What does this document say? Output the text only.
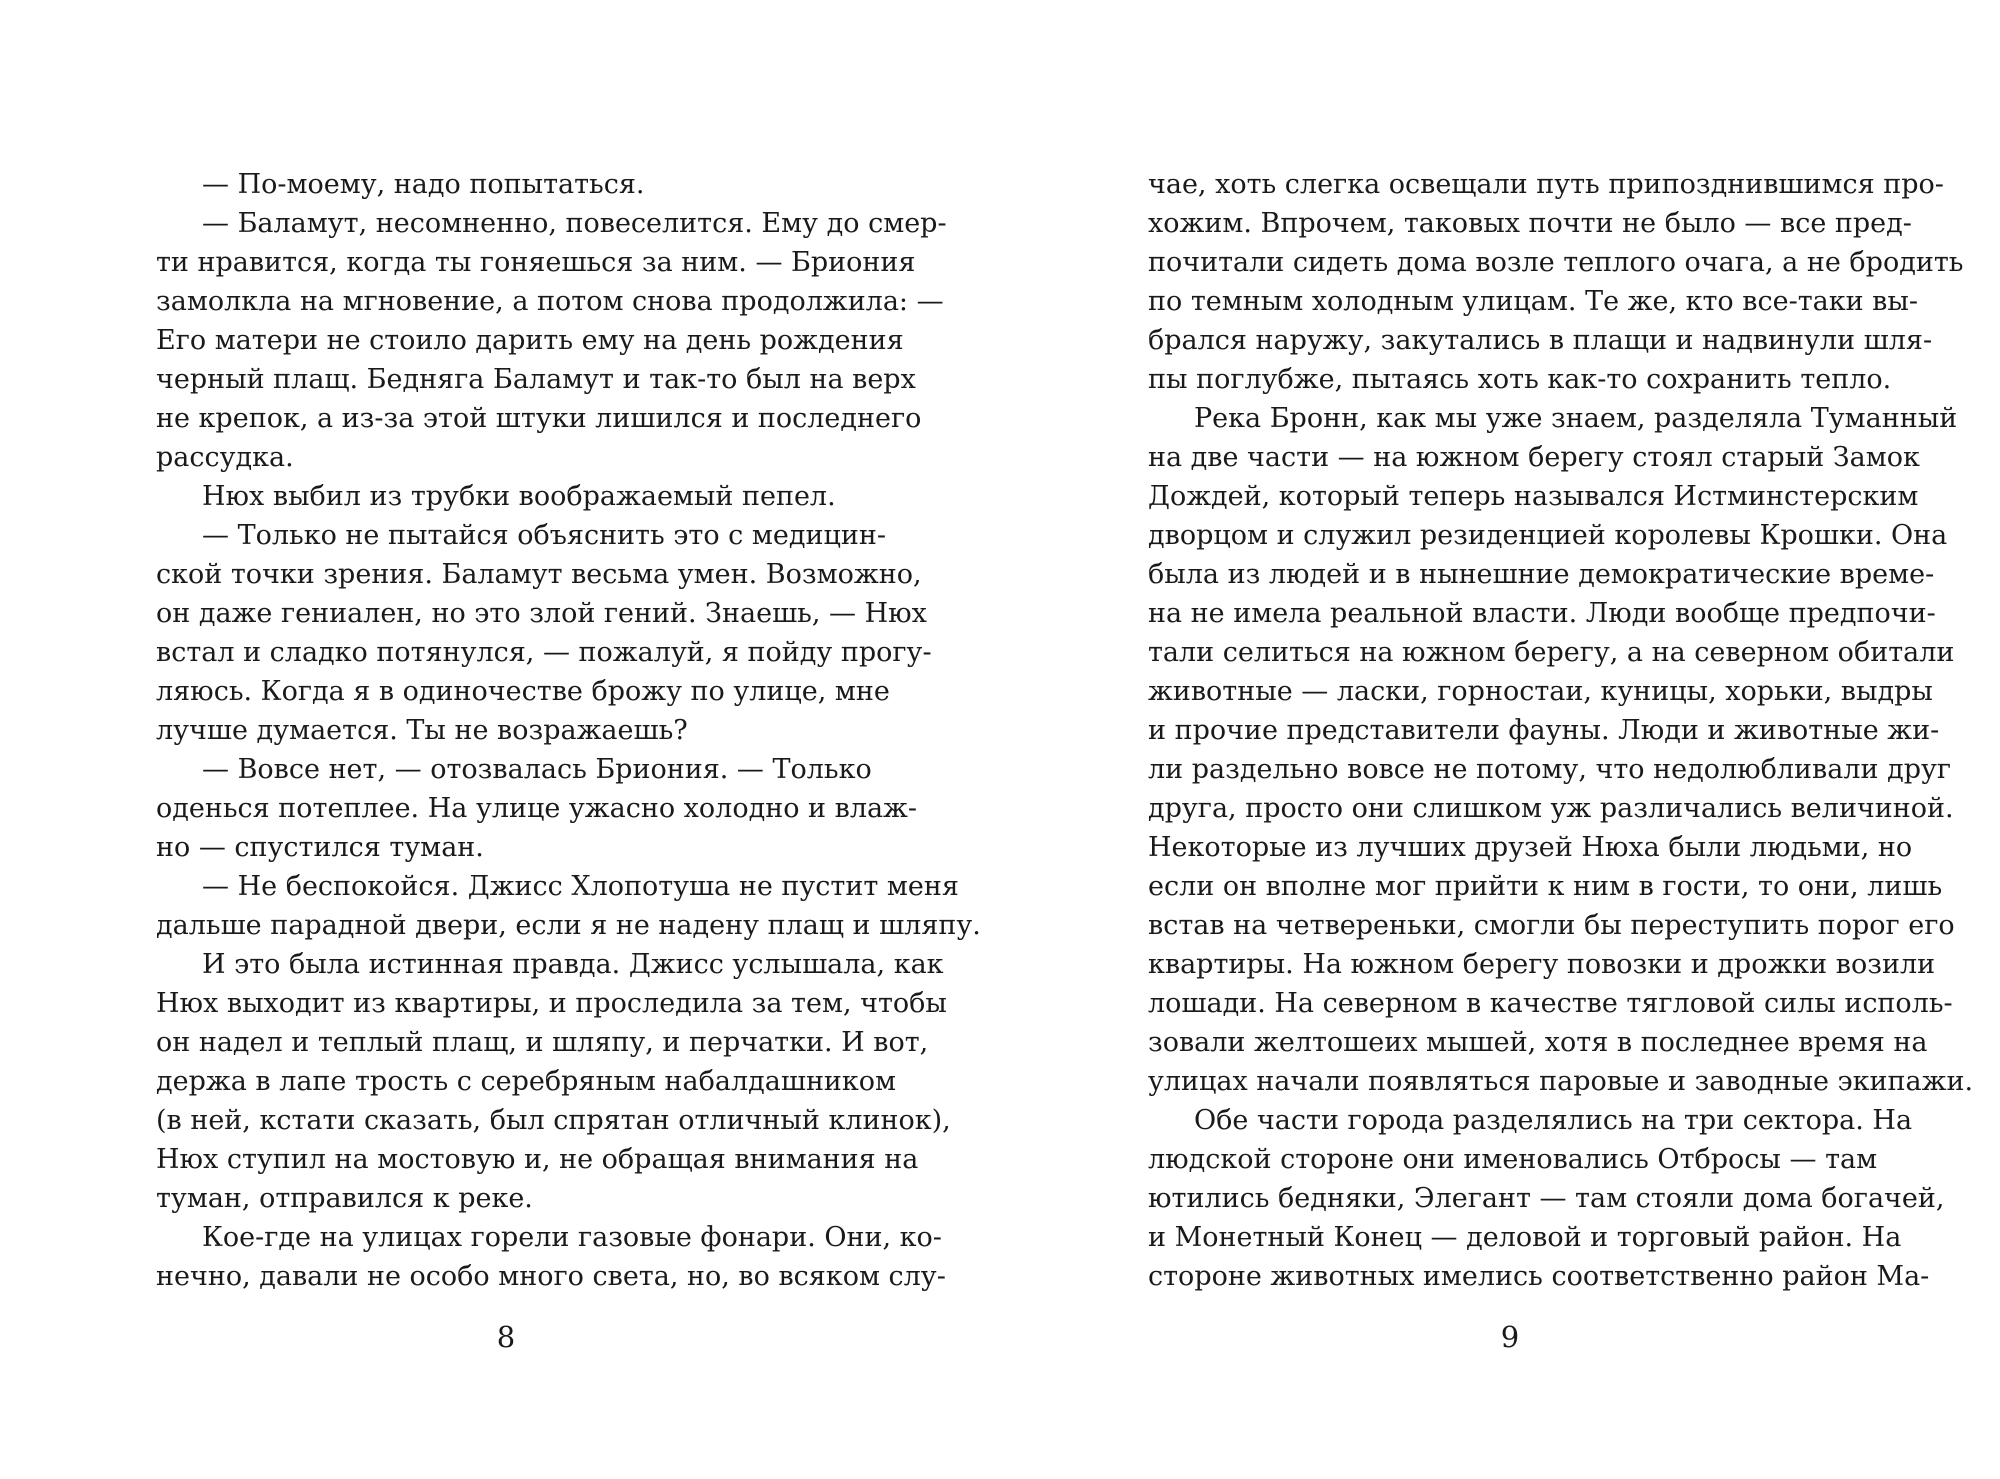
— По-моему, надо попытаться.
— Баламут, несомненно, повеселится. Ему до смер-
ти нравится, когда ты гоняешься за ним. — Бриония
замолкла на мгновение, а потом снова продолжила: —
Его матери не стоило дарить ему на день рождения
черный плащ. Бедняга Баламут и так-то был на верх
не крепок, а из-за этой штуки лишился и последнего
рассудка.
Нюх выбил из трубки воображаемый пепел.
— Только не пытайся объяснить это с медицин-
ской точки зрения. Баламут весьма умен. Возможно,
он даже гениален, но это злой гений. Знаешь, — Нюх
встал и сладко потянулся, — пожалуй, я пойду прогу-
ляюсь. Когда я в одиночестве брожу по улице, мне
лучше думается. Ты не возражаешь?
— Вовсе нет, — отозвалась Бриония. — Только
оденься потеплее. На улице ужасно холодно и влаж-
но — спустился туман.
— Не беспокойся. Джисс Хлопотуша не пустит меня
дальше парадной двери, если я не надену плащ и шляпу.
И это была истинная правда. Джисс услышала, как
Нюх выходит из квартиры, и проследила за тем, чтобы
он надел и теплый плащ, и шляпу, и перчатки. И вот,
держа в лапе трость с серебряным набалдашником
(в ней, кстати сказать, был спрятан отличный клинок),
Нюх ступил на мостовую и, не обращая внимания на
туман, отправился к реке.
Кое-где на улицах горели газовые фонари. Они, ко-
нечно, давали не особо много света, но, во всяком слу-
8
чае, хоть слегка освещали путь припозднившимся про-
хожим. Впрочем, таковых почти не было — все пред-
почитали сидеть дома возле теплого очага, а не бродить
по темным холодным улицам. Те же, кто все-таки вы-
брался наружу, закутались в плащи и надвинули шля-
пы поглубже, пытаясь хоть как-то сохранить тепло.
Река Бронн, как мы уже знаем, разделяла Туманный
на две части — на южном берегу стоял старый Замок
Дождей, который теперь назывался Истминстерским
дворцом и служил резиденцией королевы Крошки. Она
была из людей и в нынешние демократические време-
на не имела реальной власти. Люди вообще предпочи-
тали селиться на южном берегу, а на северном обитали
животные — ласки, горностаи, куницы, хорьки, выдры
и прочие представители фауны. Люди и животные жи-
ли раздельно вовсе не потому, что недолюбливали друг
друга, просто они слишком уж различались величиной.
Некоторые из лучших друзей Нюха были людьми, но
если он вполне мог прийти к ним в гости, то они, лишь
встав на четвереньки, смогли бы переступить порог его
квартиры. На южном берегу повозки и дрожки возили
лошади. На северном в качестве тягловой силы исполь-
зовали желтошеих мышей, хотя в последнее время на
улицах начали появляться паровые и заводные экипажи.
Обе части города разделялись на три сектора. На
людской стороне они именовались Отбросы — там
ютились бедняки, Элегант — там стояли дома богачей,
и Монетный Конец — деловой и торговый район. На
стороне животных имелись соответственно район Ма-
9
